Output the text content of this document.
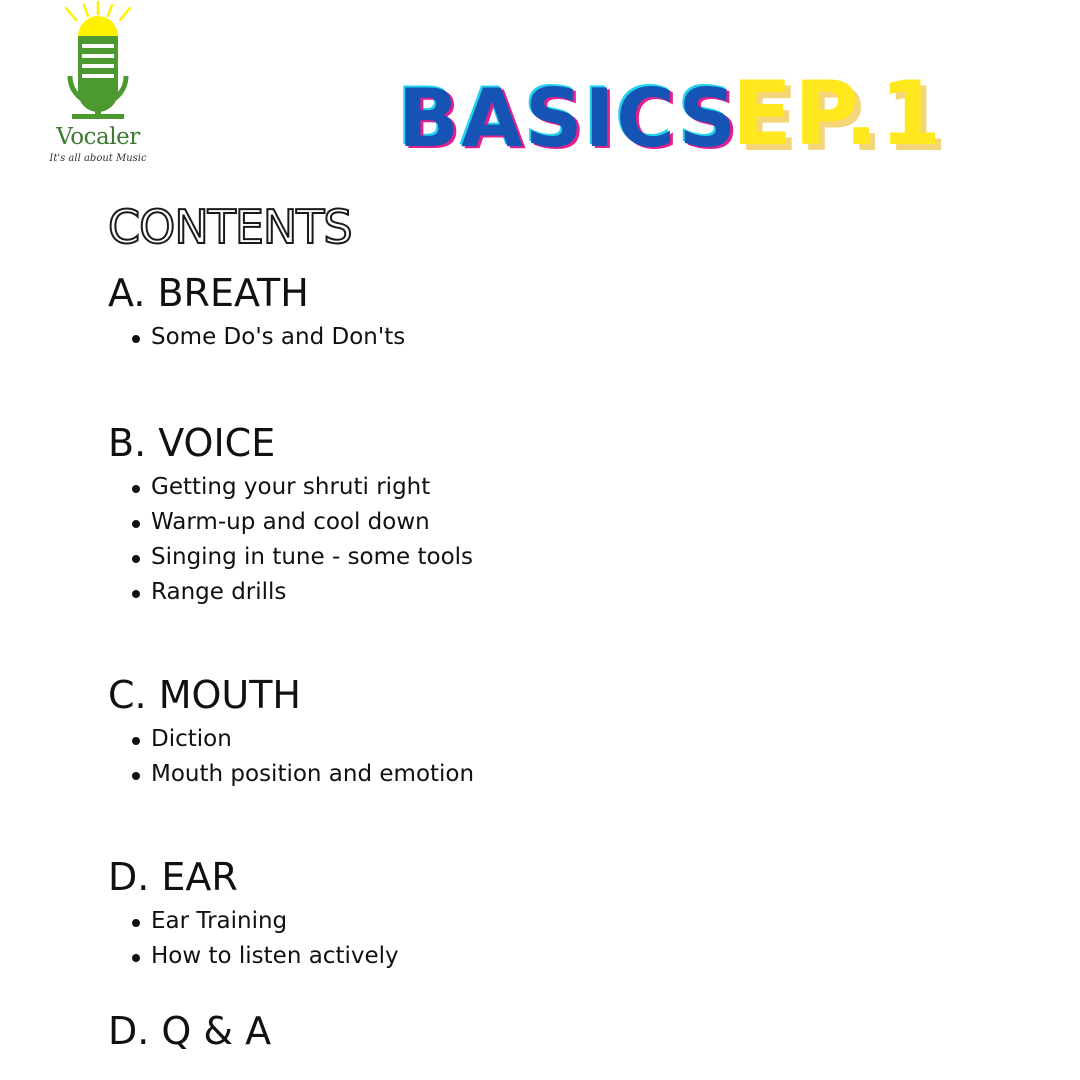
Vocaler
It's all about Music	BASICS
EP.1
CONTENTS
A. BREATH
Some Do's and Don'ts
B. VOICE
Getting your shruti right
Warm-up and cool down
Singing in tune - some tools
Range drills
C. MOUTH
Diction
Mouth position and emotion
D. EAR
Ear Training
How to listen actively
D. Q & A
